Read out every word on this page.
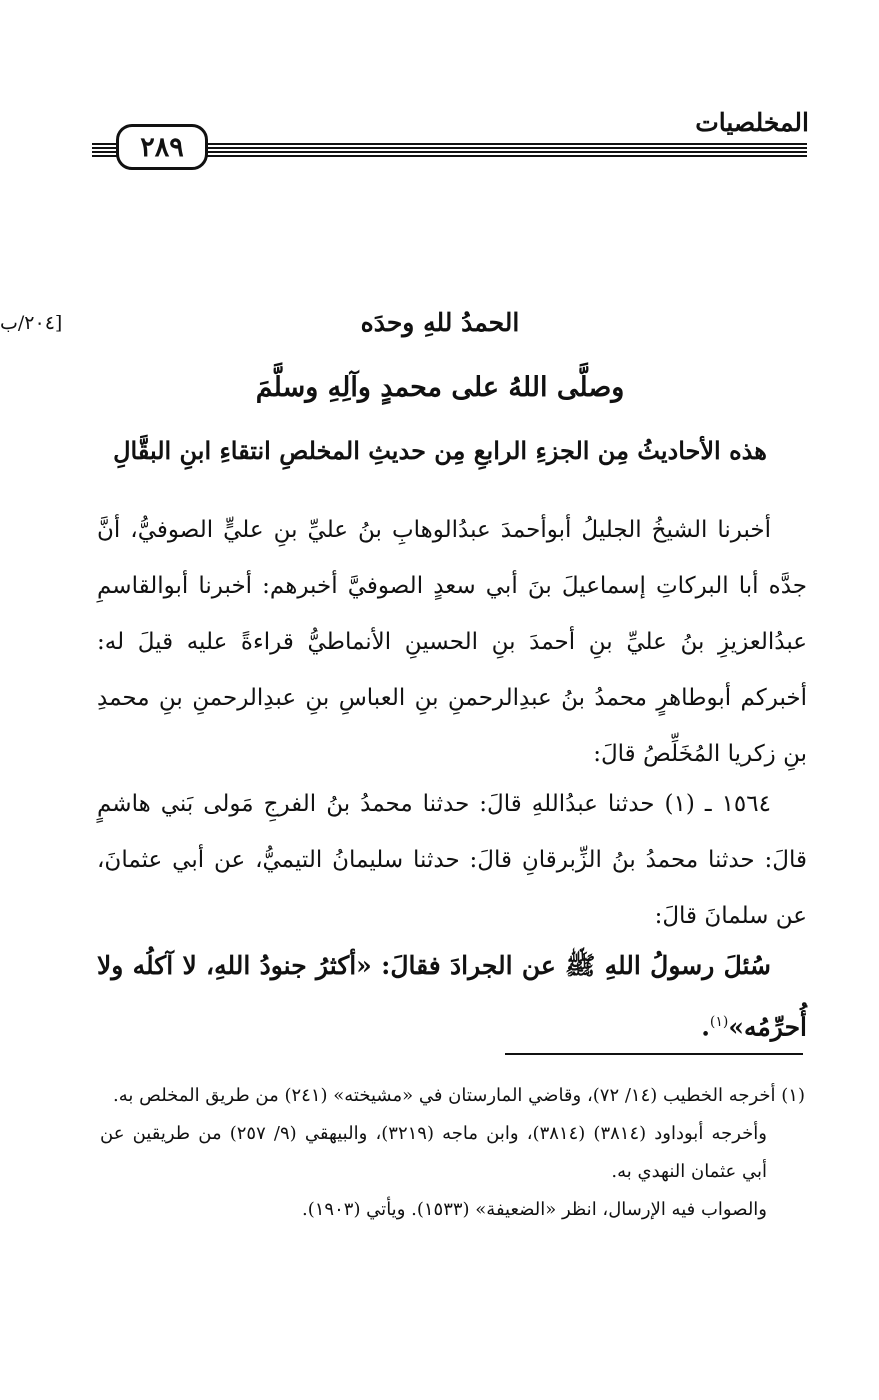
المخلصيات
٢٨٩
[٢٠٤/ب	الحمدُ للهِ وحدَه
وصلَّى اللهُ على محمدٍ وآلِهِ وسلَّمَ
هذه الأحاديثُ مِن الجزءِ الرابعِ مِن حديثِ المخلصِ انتقاءِ ابنِ البقَّالِ

أخبرنا الشيخُ الجليلُ أبوأحمدَ عبدُالوهابِ بنُ عليِّ بنِ عليٍّ الصوفيُّ، أنَّ جدَّه أبا البركاتِ إسماعيلَ بنَ أبي سعدٍ الصوفيَّ أخبرهم: أخبرنا أبوالقاسمِ عبدُالعزيزِ بنُ عليِّ بنِ أحمدَ بنِ الحسينِ الأنماطيُّ قراءةً عليه قيلَ له: أخبركم أبوطاهرٍ محمدُ بنُ عبدِالرحمنِ بنِ العباسِ بنِ عبدِالرحمنِ بنِ محمدِ بنِ زكريا المُخَلِّصُ قالَ:

١٥٦٤ ـ (١) حدثنا عبدُاللهِ قالَ: حدثنا محمدُ بنُ الفرجِ مَولى بَني هاشمٍ قالَ: حدثنا محمدُ بنُ الزِّبرقانِ قالَ: حدثنا سليمانُ التيميُّ، عن أبي عثمانَ، عن سلمانَ قالَ:

سُئلَ رسولُ اللهِ ﷺ عن الجرادَ فقالَ: «أكثرُ جنودُ اللهِ، لا آكلُه ولا أُحرِّمُه»$^{(١)}$.

(١) أخرجه الخطيب (١٤/ ٧٢)، وقاضي المارستان في «مشيخته» (٢٤١) من طريق المخلص به.

وأخرجه أبوداود (٣٨١٤) (٣٨١٤)، وابن ماجه (٣٢١٩)، والبيهقي (٩/ ٢٥٧) من طريقين عن أبي عثمان النهدي به.

والصواب فيه الإرسال، انظر «الضعيفة» (١٥٣٣). ويأتي (١٩٠٣).
